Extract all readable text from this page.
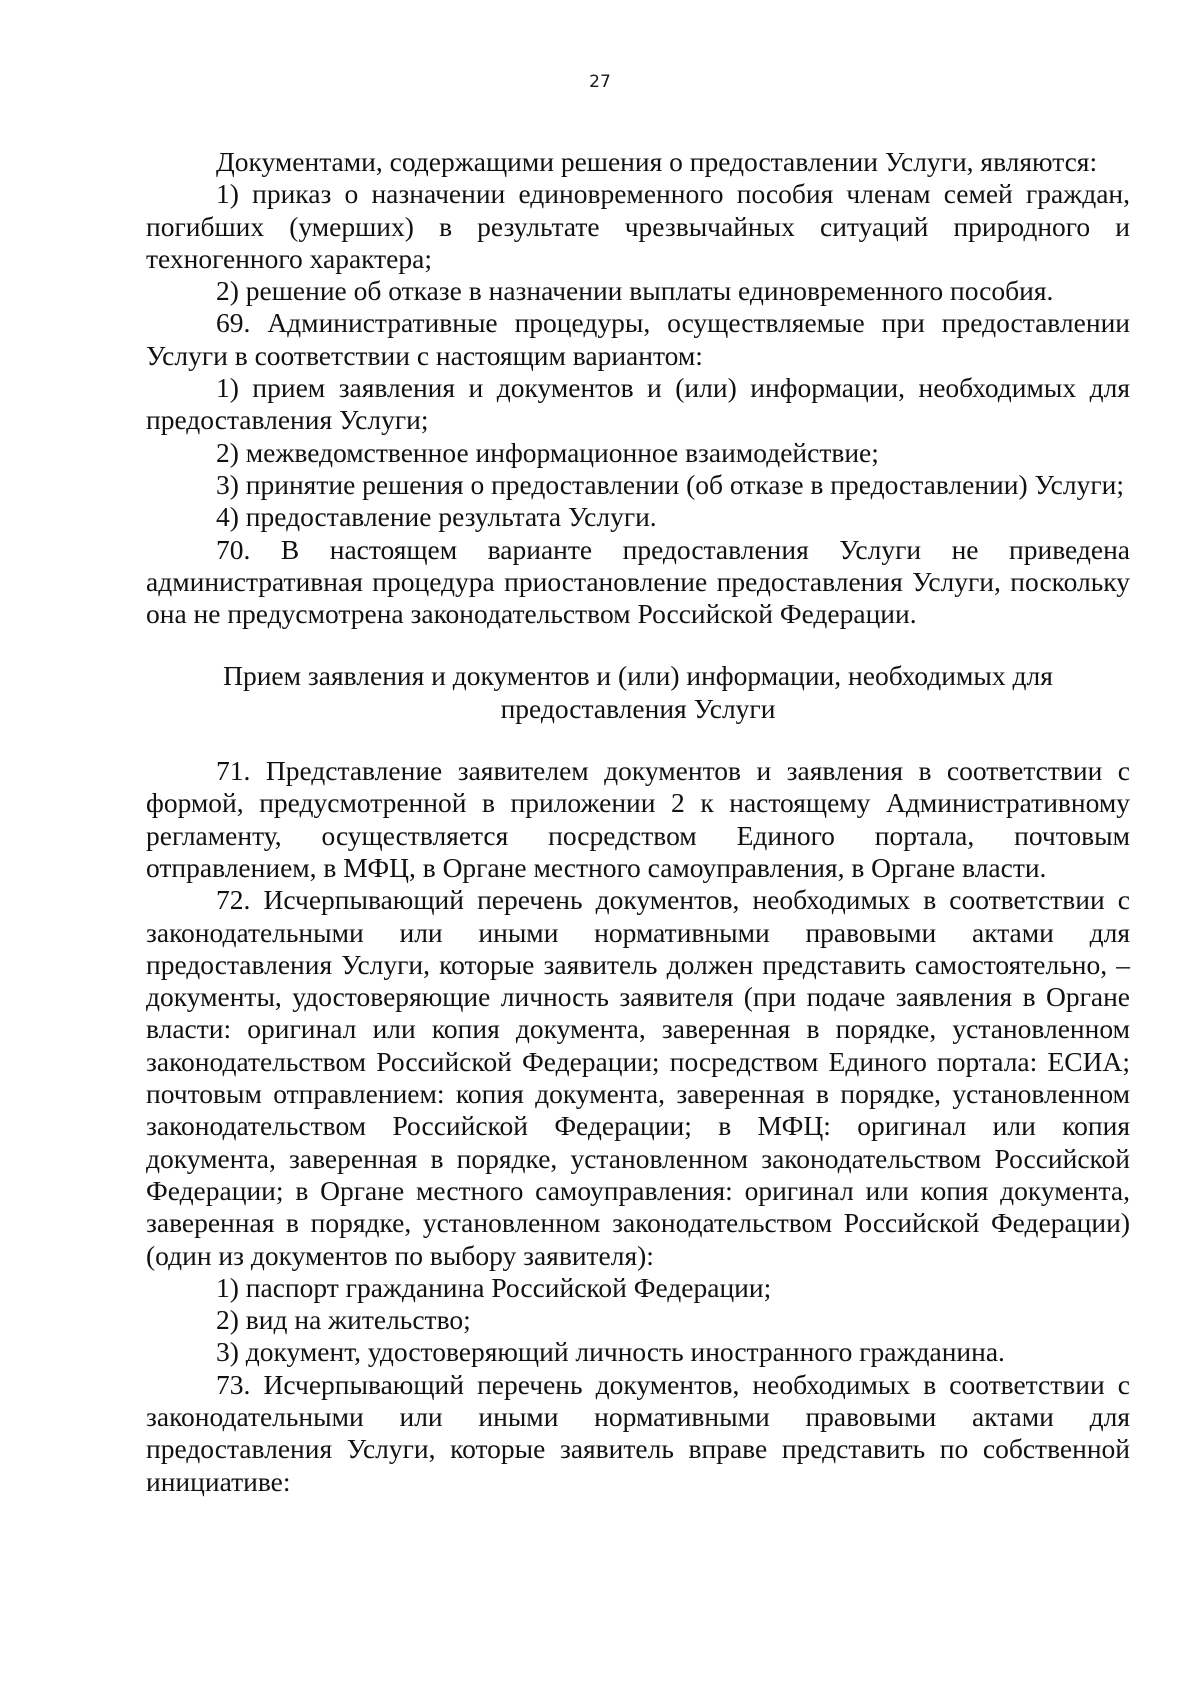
27

Документами, содержащими решения о предоставлении Услуги, являются:

1) приказ о назначении единовременного пособия членам семей граждан, погибших (умерших) в результате чрезвычайных ситуаций природного и техногенного характера;

2) решение об отказе в назначении выплаты единовременного пособия.

69. Административные процедуры, осуществляемые при предоставлении Услуги в соответствии с настоящим вариантом:

1) прием заявления и документов и (или) информации, необходимых для предоставления Услуги;

2) межведомственное информационное взаимодействие;

3) принятие решения о предоставлении (об отказе в предоставлении) Услуги;

4) предоставление результата Услуги.

70. В настоящем варианте предоставления Услуги не приведена административная процедура приостановление предоставления Услуги, поскольку она не предусмотрена законодательством Российской Федерации.

Прием заявления и документов и (или) информации, необходимых для предоставления Услуги

71. Представление заявителем документов и заявления в соответствии с формой, предусмотренной в приложении 2 к настоящему Административному регламенту, осуществляется посредством Единого портала, почтовым отправлением, в МФЦ, в Органе местного самоуправления, в Органе власти.

72. Исчерпывающий перечень документов, необходимых в соответствии с законодательными или иными нормативными правовыми актами для предоставления Услуги, которые заявитель должен представить самостоятельно, – документы, удостоверяющие личность заявителя (при подаче заявления в Органе власти: оригинал или копия документа, заверенная в порядке, установленном законодательством Российской Федерации; посредством Единого портала: ЕСИА; почтовым отправлением: копия документа, заверенная в порядке, установленном законодательством Российской Федерации; в МФЦ: оригинал или копия документа, заверенная в порядке, установленном законодательством Российской Федерации; в Органе местного самоуправления: оригинал или копия документа, заверенная в порядке, установленном законодательством Российской Федерации) (один из документов по выбору заявителя):

1) паспорт гражданина Российской Федерации;

2) вид на жительство;

3) документ, удостоверяющий личность иностранного гражданина.

73. Исчерпывающий перечень документов, необходимых в соответствии с законодательными или иными нормативными правовыми актами для предоставления Услуги, которые заявитель вправе представить по собственной инициативе:
